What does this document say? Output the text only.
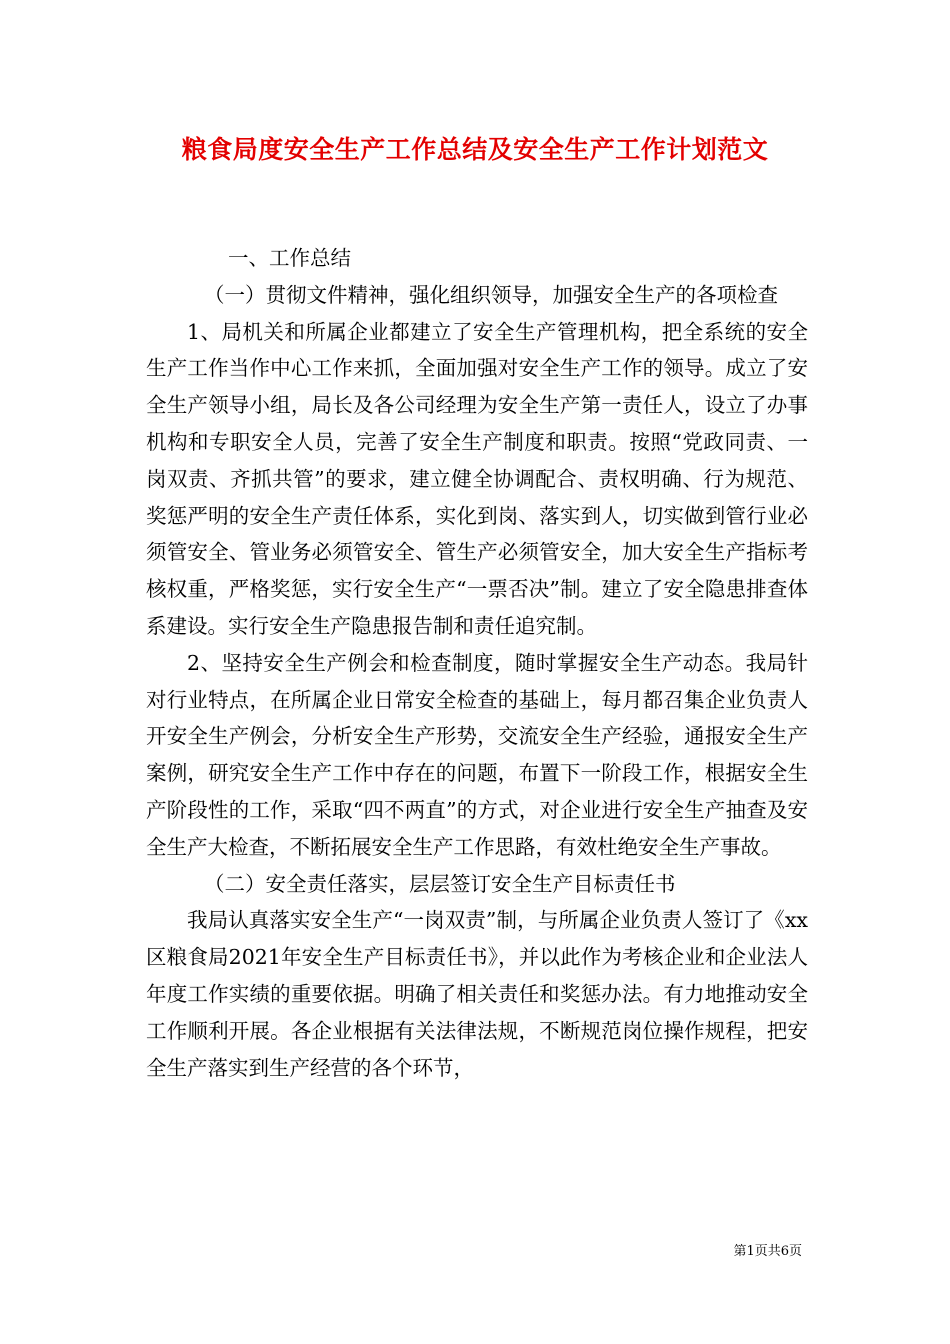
粮食局度安全生产工作总结及安全生产工作计划范文

一、工作总结

（一）贯彻文件精神，强化组织领导，加强安全生产的各项检查

1、局机关和所属企业都建立了安全生产管理机构，把全系统的安全生产工作当作中心工作来抓，全面加强对安全生产工作的领导。成立了安全生产领导小组，局长及各公司经理为安全生产第一责任人，设立了办事机构和专职安全人员，完善了安全生产制度和职责。按照“党政同责、一岗双责、齐抓共管”的要求，建立健全协调配合、责权明确、行为规范、奖惩严明的安全生产责任体系，实化到岗、落实到人，切实做到管行业必须管安全、管业务必须管安全、管生产必须管安全，加大安全生产指标考核权重，严格奖惩，实行安全生产“一票否决”制。建立了安全隐患排查体系建设。实行安全生产隐患报告制和责任追究制。

2、坚持安全生产例会和检查制度，随时掌握安全生产动态。我局针对行业特点，在所属企业日常安全检查的基础上，每月都召集企业负责人开安全生产例会，分析安全生产形势，交流安全生产经验，通报安全生产案例，研究安全生产工作中存在的问题，布置下一阶段工作，根据安全生产阶段性的工作，采取“四不两直”的方式，对企业进行安全生产抽查及安全生产大检查，不断拓展安全生产工作思路，有效杜绝安全生产事故。

（二）安全责任落实，层层签订安全生产目标责任书

我局认真落实安全生产“一岗双责”制，与所属企业负责人签订了《xx区粮食局2021年安全生产目标责任书》，并以此作为考核企业和企业法人年度工作实绩的重要依据。明确了相关责任和奖惩办法。有力地推动安全工作顺利开展。各企业根据有关法律法规，不断规范岗位操作规程，把安全生产落实到生产经营的各个环节，

第1页共6页
